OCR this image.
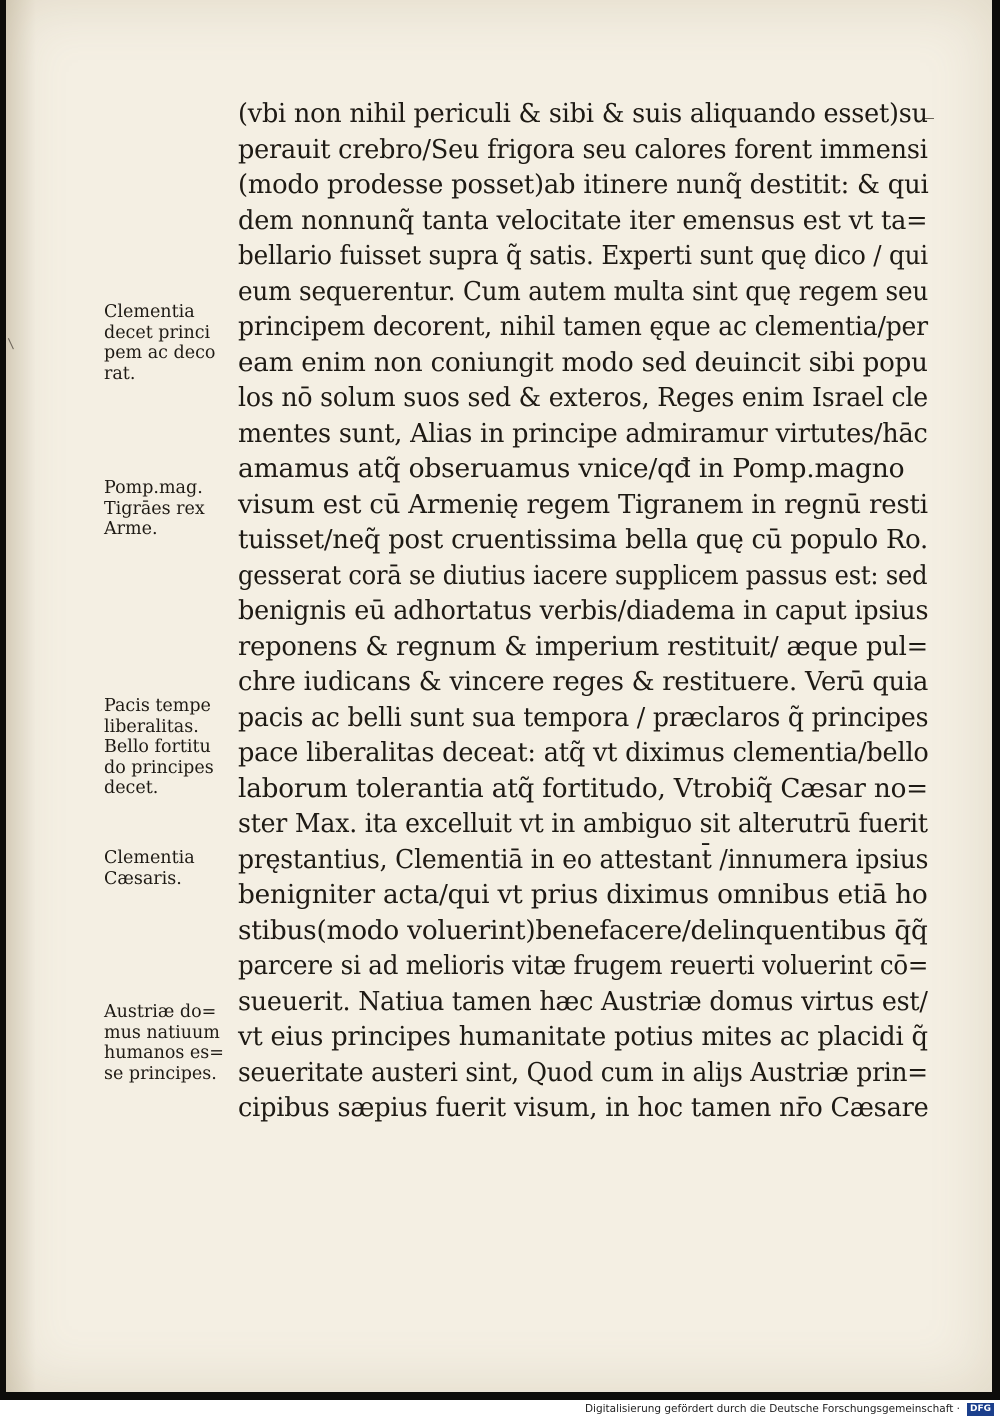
(vbi non nihil periculi & sibi & suis aliquando esset)su
perauit crebro/Seu frigora seu calores forent immensi
(modo prodesse posset)ab itinere nunq̃ destitit: & qui
dem nonnunq̃ tanta velocitate iter emensus est vt ta=
bellario fuisset supra q̃ satis. Experti sunt quę dico / qui
eum sequerentur. Cum autem multa sint quę regem seu
principem decorent, nihil tamen ęque ac clementia/per
eam enim non coniungit modo sed deuincit sibi popu
los nō solum suos sed & exteros, Reges enim Israel cle
mentes sunt, Alias in principe admiramur virtutes/hāc
amamus atq̃ obseruamus vnice/qđ in Pomp.magno
visum est cū Armenię regem Tigranem in regnū resti
tuisset/neq̃ post cruentissima bella quę cū populo Ro.
gesserat corā se diutius iacere supplicem passus est: sed
benignis eū adhortatus verbis/diadema in caput ipsius
reponens & regnum & imperium restituit/ æque pul=
chre iudicans & vincere reges & restituere. Verū quia
pacis ac belli sunt sua tempora / præclaros q̃ principes
pace liberalitas deceat: atq̃ vt diximus clementia/bello
laborum tolerantia atq̃ fortitudo, Vtrobiq̃ Cæsar no=
ster Max. ita excelluit vt in ambiguo sit alterutrū fuerit
pręstantius, Clementiā in eo attestant̄ /innumera ipsius
benigniter acta/qui vt prius diximus omnibus etiā ho
stibus(modo voluerint)benefacere/delinquentibus q̄q̃
parcere si ad melioris vitæ frugem reuerti voluerint cō=
sueuerit. Natiua tamen hæc Austriæ domus virtus est/
vt eius principes humanitate potius mites ac placidi q̃
seueritate austeri sint, Quod cum in aliȷs Austriæ prin=
cipibus sæpius fuerit visum, in hoc tamen nr̄o Cæsare
Clementia
decet princi
pem ac deco
rat.
Pomp.mag.
Tigrāes rex
Arme.
Pacis tempe
liberalitas.
Bello fortitu
do principes
decet.
Clementia
Cæsaris.
Austriæ do=
mus natiuum
humanos es=
se principes.
Digitalisierung gefördert durch die Deutsche Forschungsgemeinschaft ·	DFG
